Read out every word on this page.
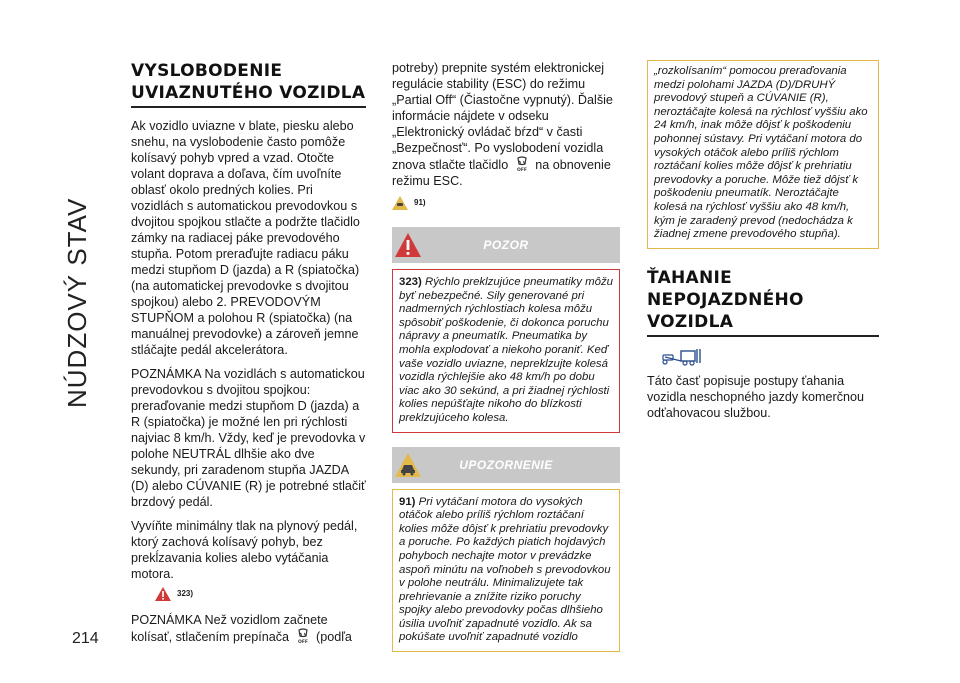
NÚDZOVÝ STAV
214
VYSLOBODENIE UVIAZNUTÉHO VOZIDLA

Ak vozidlo uviazne v blate, piesku alebo snehu, na vyslobodenie často pomôže kolísavý pohyb vpred a vzad. Otočte volant doprava a doľava, čím uvoľníte oblasť okolo predných kolies. Pri vozidlách s automatickou prevodovkou s dvojitou spojkou stlačte a podržte tlačidlo zámky na radiacej páke prevodového stupňa. Potom preraďujte radiacu páku medzi stupňom D (jazda) a R (spiatočka) (na automatickej prevodovke s dvojitou spojkou) alebo 2. PREVODOVÝM STUPŇOM a polohou R (spiatočka) (na manuálnej prevodovke) a zároveň jemne stláčajte pedál akcelerátora.

POZNÁMKA Na vozidlách s automatickou prevodovkou s dvojitou spojkou: preraďovanie medzi stupňom D (jazda) a R (spiatočka) je možné len pri rýchlosti najviac 8 km/h. Vždy, keď je prevodovka v polohe NEUTRÁL dlhšie ako dve sekundy, pri zaradenom stupňa JAZDA (D) alebo CÚVANIE (R) je potrebné stlačiť brzdový pedál.

Vyvíňte minimálny tlak na plynový pedál, ktorý zachová kolísavý pohyb, bez prekĺzavania kolies alebo vytáčania motora.

323)

POZNÁMKA Než vozidlom začnete kolísať, stlačením prepínača OFF (podľa

potreby) prepnite systém elektronickej regulácie stability (ESC) do režimu „Partial Off“ (Čiastočne vypnutý). Ďalšie informácie nájdete v odseku „Elektronický ovládač bŕzd“ v časti „Bezpečnosť“. Po vyslobodení vozidla znova stlačte tlačidlo OFF na obnovenie režimu ESC.

91)
POZOR
323) Rýchlo preklzujúce pneumatiky môžu byť nebezpečné. Sily generované pri nadmerných rýchlostiach kolesa môžu spôsobiť poškodenie, či dokonca poruchu nápravy a pneumatík. Pneumatika by mohla explodovať a niekoho poraniť. Keď vaše vozidlo uviazne, nepreklzujte kolesá vozidla rýchlejšie ako 48 km/h po dobu viac ako 30 sekúnd, a pri žiadnej rýchlosti kolies nepúšťajte nikoho do blízkosti preklzujúceho kolesa.
UPOZORNENIE
91) Pri vytáčaní motora do vysokých otáčok alebo príliš rýchlom roztáčaní kolies môže dôjsť k prehriatiu prevodovky a poruche. Po každých piatich hojdavých pohyboch nechajte motor v prevádzke aspoň minútu na voľnobeh s prevodovkou v polohe neutrálu. Minimalizujete tak prehrievanie a znížite riziko poruchy spojky alebo prevodovky počas dlhšieho úsilia uvoľniť zapadnuté vozidlo. Ak sa pokúšate uvoľniť zapadnuté vozidlo
„rozkolísaním“ pomocou preraďovania medzi polohami JAZDA (D)/DRUHÝ prevodový stupeň a CÚVANIE (R), neroztáčajte kolesá na rýchlosť vyššiu ako 24 km/h, inak môže dôjsť k poškodeniu pohonnej sústavy. Pri vytáčaní motora do vysokých otáčok alebo príliš rýchlom roztáčaní kolies môže dôjsť k prehriatiu prevodovky a poruche. Môže tiež dôjsť k poškodeniu pneumatík. Neroztáčajte kolesá na rýchlosť vyššiu ako 48 km/h, kým je zaradený prevod (nedochádza k žiadnej zmene prevodového stupňa).
ŤAHANIE NEPOJAZDNÉHO VOZIDLA

Táto časť popisuje postupy ťahania vozidla neschopného jazdy komerčnou odťahovacou službou.
